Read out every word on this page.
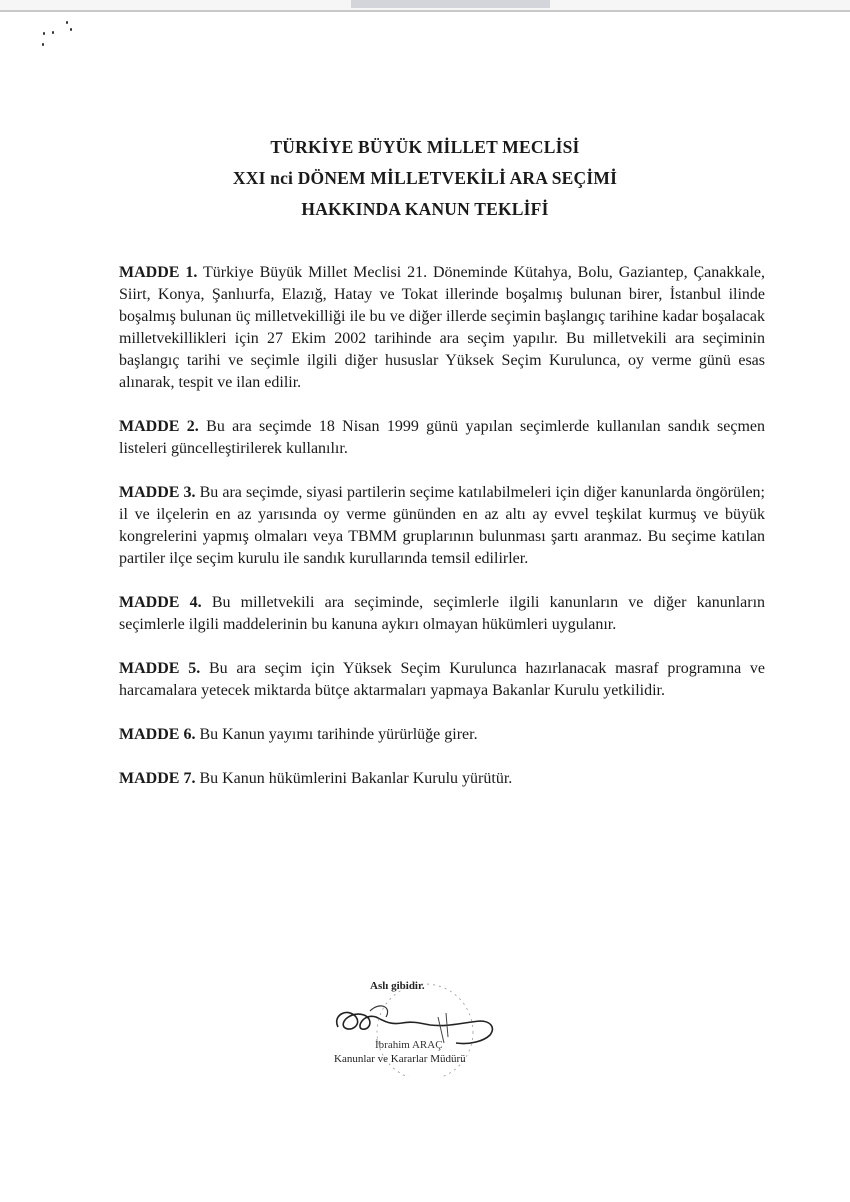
TÜRKİYE BÜYÜK MİLLET MECLİSİ
XXI nci DÖNEM MİLLETVEKİLİ ARA SEÇİMİ
HAKKINDA KANUN TEKLİFİ

MADDE 1. Türkiye Büyük Millet Meclisi 21. Döneminde Kütahya, Bolu, Gaziantep, Çanakkale, Siirt, Konya, Şanlıurfa, Elazığ, Hatay ve Tokat illerinde boşalmış bulunan birer, İstanbul ilinde boşalmış bulunan üç milletvekilliği ile bu ve diğer illerde seçimin başlangıç tarihine kadar boşalacak milletvekillikleri için 27 Ekim 2002 tarihinde ara seçim yapılır. Bu milletvekili ara seçiminin başlangıç tarihi ve seçimle ilgili diğer hususlar Yüksek Seçim Kurulunca, oy verme günü esas alınarak, tespit ve ilan edilir.

MADDE 2. Bu ara seçimde 18 Nisan 1999 günü yapılan seçimlerde kullanılan sandık seçmen listeleri güncelleştirilerek kullanılır.

MADDE 3. Bu ara seçimde, siyasi partilerin seçime katılabilmeleri için diğer kanunlarda öngörülen; il ve ilçelerin en az yarısında oy verme gününden en az altı ay evvel teşkilat kurmuş ve büyük kongrelerini yapmış olmaları veya TBMM gruplarının bulunması şartı aranmaz. Bu seçime katılan partiler ilçe seçim kurulu ile sandık kurullarında temsil edilirler.

MADDE 4. Bu milletvekili ara seçiminde, seçimlerle ilgili kanunların ve diğer kanunların seçimlerle ilgili maddelerinin bu kanuna aykırı olmayan hükümleri uygulanır.

MADDE 5. Bu ara seçim için Yüksek Seçim Kurulunca hazırlanacak masraf programına ve harcamalara yetecek miktarda bütçe aktarmaları yapmaya Bakanlar Kurulu yetkilidir.

MADDE 6. Bu Kanun yayımı tarihinde yürürlüğe girer.

MADDE 7. Bu Kanun hükümlerini Bakanlar Kurulu yürütür.

Aslı gibidir.
İbrahim ARAÇ
Kanunlar ve Kararlar Müdürü
